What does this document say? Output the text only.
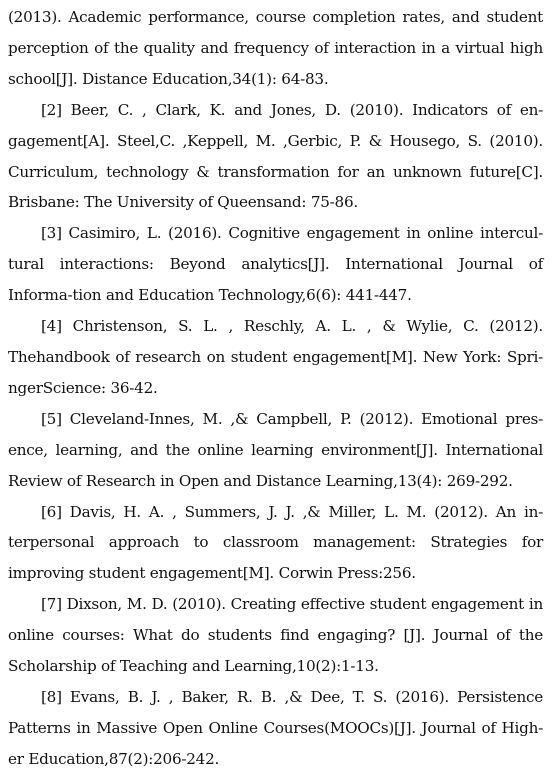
(2013). Academic performance, course completion rates, and student perception of the quality and frequency of interaction in a virtual high school[J]. Distance Education,34(1): 64-83.

[2] Beer, C. , Clark, K. and Jones, D. (2010). Indicators of en-gagement[A]. Steel,C. ,Keppell, M. ,Gerbic, P. & Housego, S. (2010). Curriculum, technology & transformation for an unknown future[C]. Brisbane: The University of Queensand: 75-86.

[3] Casimiro, L. (2016). Cognitive engagement in online intercul-tural interactions: Beyond analytics[J]. International Journal of Informa-tion and Education Technology,6(6): 441-447.

[4] Christenson, S. L. , Reschly, A. L. , & Wylie, C. (2012). Thehandbook of research on student engagement[M]. New York: Spri-ngerScience: 36-42.

[5] Cleveland-Innes, M. ,& Campbell, P. (2012). Emotional pres-ence, learning, and the online learning environment[J]. International Review of Research in Open and Distance Learning,13(4): 269-292.

[6] Davis, H. A. , Summers, J. J. ,& Miller, L. M. (2012). An in-terpersonal approach to classroom management: Strategies for improving student engagement[M]. Corwin Press:256.

[7] Dixson, M. D. (2010). Creating effective student engagement in online courses: What do students find engaging? [J]. Journal of the Scholarship of Teaching and Learning,10(2):1-13.

[8] Evans, B. J. , Baker, R. B. ,& Dee, T. S. (2016). Persistence Patterns in Massive Open Online Courses(MOOCs)[J]. Journal of High-er Education,87(2):206-242.
